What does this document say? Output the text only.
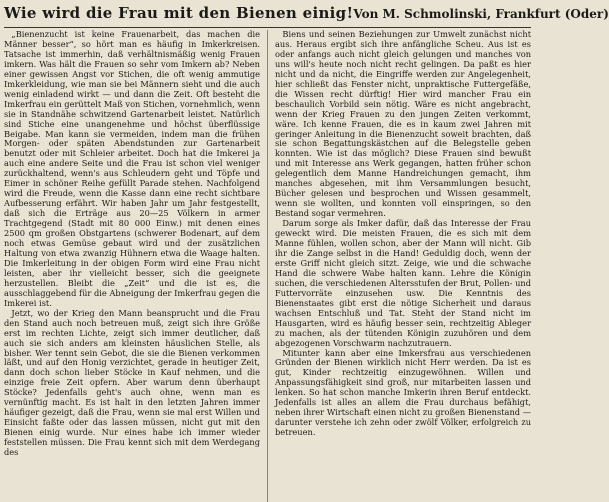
Wie wird die Frau mit den Bienen einig! Von M. Schmolinski, Frankfurt (Oder)

„Bienenzucht ist keine Frauenarbeit, das machen die Männer besser“, so hört man es häufig in Imkerkreisen. Tatsache ist immerhin, daß verhältnismäßig wenig Frauen imkern. Was hält die Frauen so sehr vom Imkern ab? Neben einer gewissen Angst vor Stichen, die oft wenig ammutige Imkerkleidung, wie man sie bei Männern sieht und die auch wenig einladend wirkt — und dann die Zeit. Oft besteht die Imkerfrau ein gerüttelt Maß von Stichen, vornehmlich, wenn sie in Standnähe schwitzend Gartenarbeit leistet. Natürlich sind Stiche eine unangenehme und höchst überflüssige Beigabe. Man kann sie vermeiden, indem man die frühen Morgen- oder späten Abendstunden zur Gartenarbeit benutzt oder mit Schleier arbeitet. Doch hat die Imkerei ja auch eine andere Seite und die Frau ist schon viel weniger zurückhaltend, wenn's aus Schleudern geht und Töpfe und Eimer in schöner Reihe gefüllt Parade stehen. Nachfolgend wird die Freude, wenn die Kasse dann eine recht sichtbare Aufbesserung erfährt. Wir haben Jahr um Jahr festgestellt, daß sich die Erträge aus 20—25 Völkern in armer Trachtgegend (Stadt mit 80 000 Einw.) mit denen eines 2500 qm großen Obstgartens (schwerer Bodenart, auf dem noch etwas Gemüse gebaut wird und der zusätzlichen Haltung von etwa zwanzig Hühnern etwa die Waage halten. Die Imkerleitung in der obigen Form wird eine Frau nicht leisten, aber ihr vielleicht besser, sich die geeignete herzustellen. Bleibt die „Zeit“ und die ist es, die ausschlaggebend für die Abneigung der Imkerfrau gegen die Imkerei ist.

Jetzt, wo der Krieg den Mann beansprucht und die Frau den Stand auch noch betreuen muß, zeigt sich ihre Größe erst im rechten Lichte, zeigt sich immer deutlicher, daß auch sie sich anders am kleinsten häuslichen Stelle, als bisher. Wer tennt sein Gebot, die sie die Bienen verkommen läßt, und auf den Honig verzichtet, gerade in heutiger Zeit, dann doch schon lieber Stöcke in Kauf nehmen, und die einzige freie Zeit opfern. Aber warum denn überhaupt Stöcke? Jedenfalls geht's auch ohne, wenn man es vernünftig macht. Es ist halt in den letzten Jahren immer häufiger gezeigt, daß die Frau, wenn sie mal erst Willen und Einsicht faßte oder das lassen müssen, nicht gut mit den Bienen einig wurde. Nur eines habe ich immer wieder feststellen müssen. Die Frau kennt sich mit dem Werdegang des

Biens und seinen Beziehungen zur Umwelt zunächst nicht aus. Heraus ergibt sich ihre anfängliche Scheu. Aus ist es oder anfangs auch nicht gleich gelungen und manches von uns will's heute noch nicht recht gelingen. Da paßt es hier nicht und da nicht, die Eingriffe werden zur Angelegenheit, hier schließt das Fenster nicht, unpraktische Futtergefäße, die Wissen recht dürftig! Hier wird mancher Frau ein beschaulich Vorbild sein nötig. Wäre es nicht angebracht, wenn der Krieg Frauen zu den jungen Zeiten verkommt, wäre. Ich kenne Frauen, die es in kaum zwei Jahren mit geringer Anleitung in die Bienenzucht soweit brachten, daß sie schon Begattungskästchen auf die Belegstelle geben konnten. Wie ist das möglich? Diese Frauen sind bewußt und mit Interesse ans Werk gegangen, hatten früher schon gelegentlich dem Manne Handreichungen gemacht, ihm manches abgesehen, mit ihm Versammlungen besucht, Bücher gelesen und besprochen und Wissen gesammelt, wenn sie wollten, und konnten voll einspringen, so den Bestand sogar vermehren.

Darum sorge als Imker dafür, daß das Interesse der Frau geweckt wird. Die meisten Frauen, die es sich mit dem Manne fühlen, wollen schon, aber der Mann will nicht. Gib ihr die Zange selbst in die Hand! Geduldig doch, wenn der erste Griff nicht gleich sitzt. Zeige, wie und die schwache Hand die schwere Wabe halten kann. Lehre die Königin suchen, die verschiedenen Altersstufen der Brut, Pollen- und Futtervorräte einzusehen usw. Die Kenntnis des Bienenstaates gibt erst die nötige Sicherheit und daraus wachsen Entschluß und Tat. Steht der Stand nicht im Hausgarten, wird es häufig besser sein, rechtzeitig Ableger zu machen, als der tütenden Königin zuzuhören und dem abgezogenen Vorschwarm nachzutrauern.

Mitunter kann aber eine Imkersfrau aus verschiedenen Gründen der Bienen wirklich nicht Herr werden. Da ist es gut, Kinder rechtzeitig einzugewöhnen. Willen und Anpassungsfähigkeit sind groß, nur mitarbeiten lassen und lenken. So hat schon manche Imkerin ihren Beruf entdeckt. Jedenfalls ist alles an allem die Frau durchaus befähigt, neben ihrer Wirtschaft einen nicht zu großen Bienenstand — darunter verstehe ich zehn oder zwölf Völker, erfolgreich zu betreuen.
